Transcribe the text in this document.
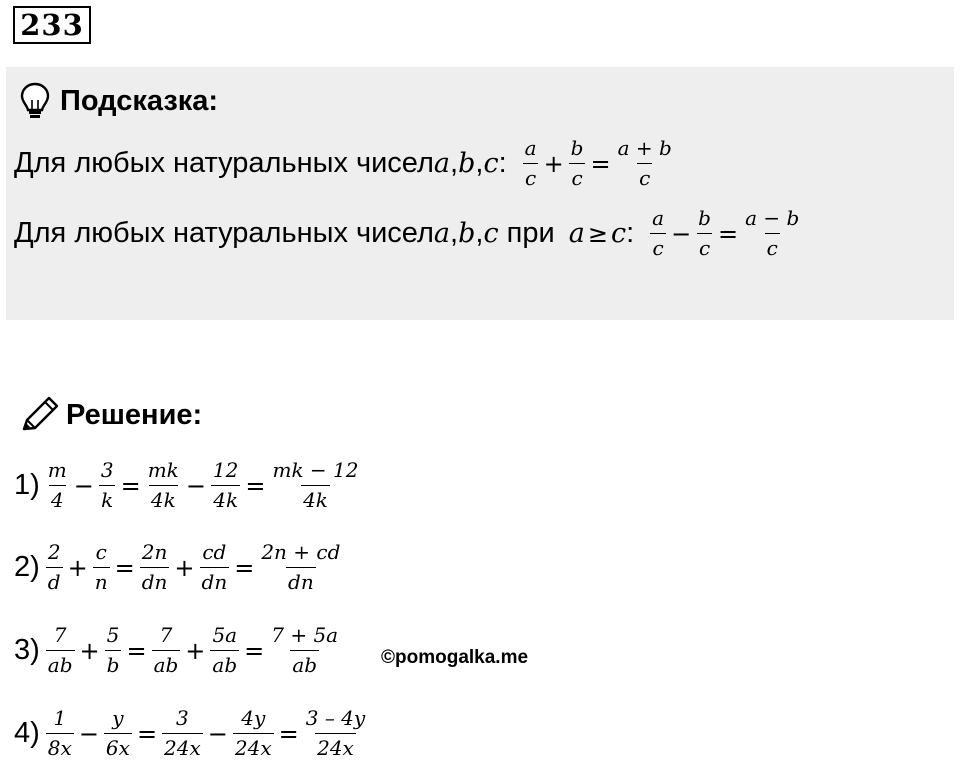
233
Подсказка:
Для любых натуральных чисел a , b , c : $\frac{a}{c} + \frac{b}{c} = \frac{a + b}{c}$
Для любых натуральных чисел a , b , c при a ≥ c : $\frac{a}{c} - \frac{b}{c} = \frac{a - b}{c}$
Решение:
$1) \frac{m}{4} - \frac{3}{k} = \frac{mk}{4k} - \frac{12}{4k} = \frac{mk - 12}{4k}$
$2) \frac{2}{d} + \frac{c}{n} = \frac{2n}{dn} + \frac{cd}{dn} = \frac{2n + cd}{dn}$
$3) \frac{7}{ab} + \frac{5}{b} = \frac{7}{ab} + \frac{5a}{ab} = \frac{7 + 5a}{ab}$
$4) \frac{1}{8x} - \frac{y}{6x} = \frac{3}{24x} - \frac{4y}{24x} = \frac{3 - 4y}{24x}$
©pomogalka.me
